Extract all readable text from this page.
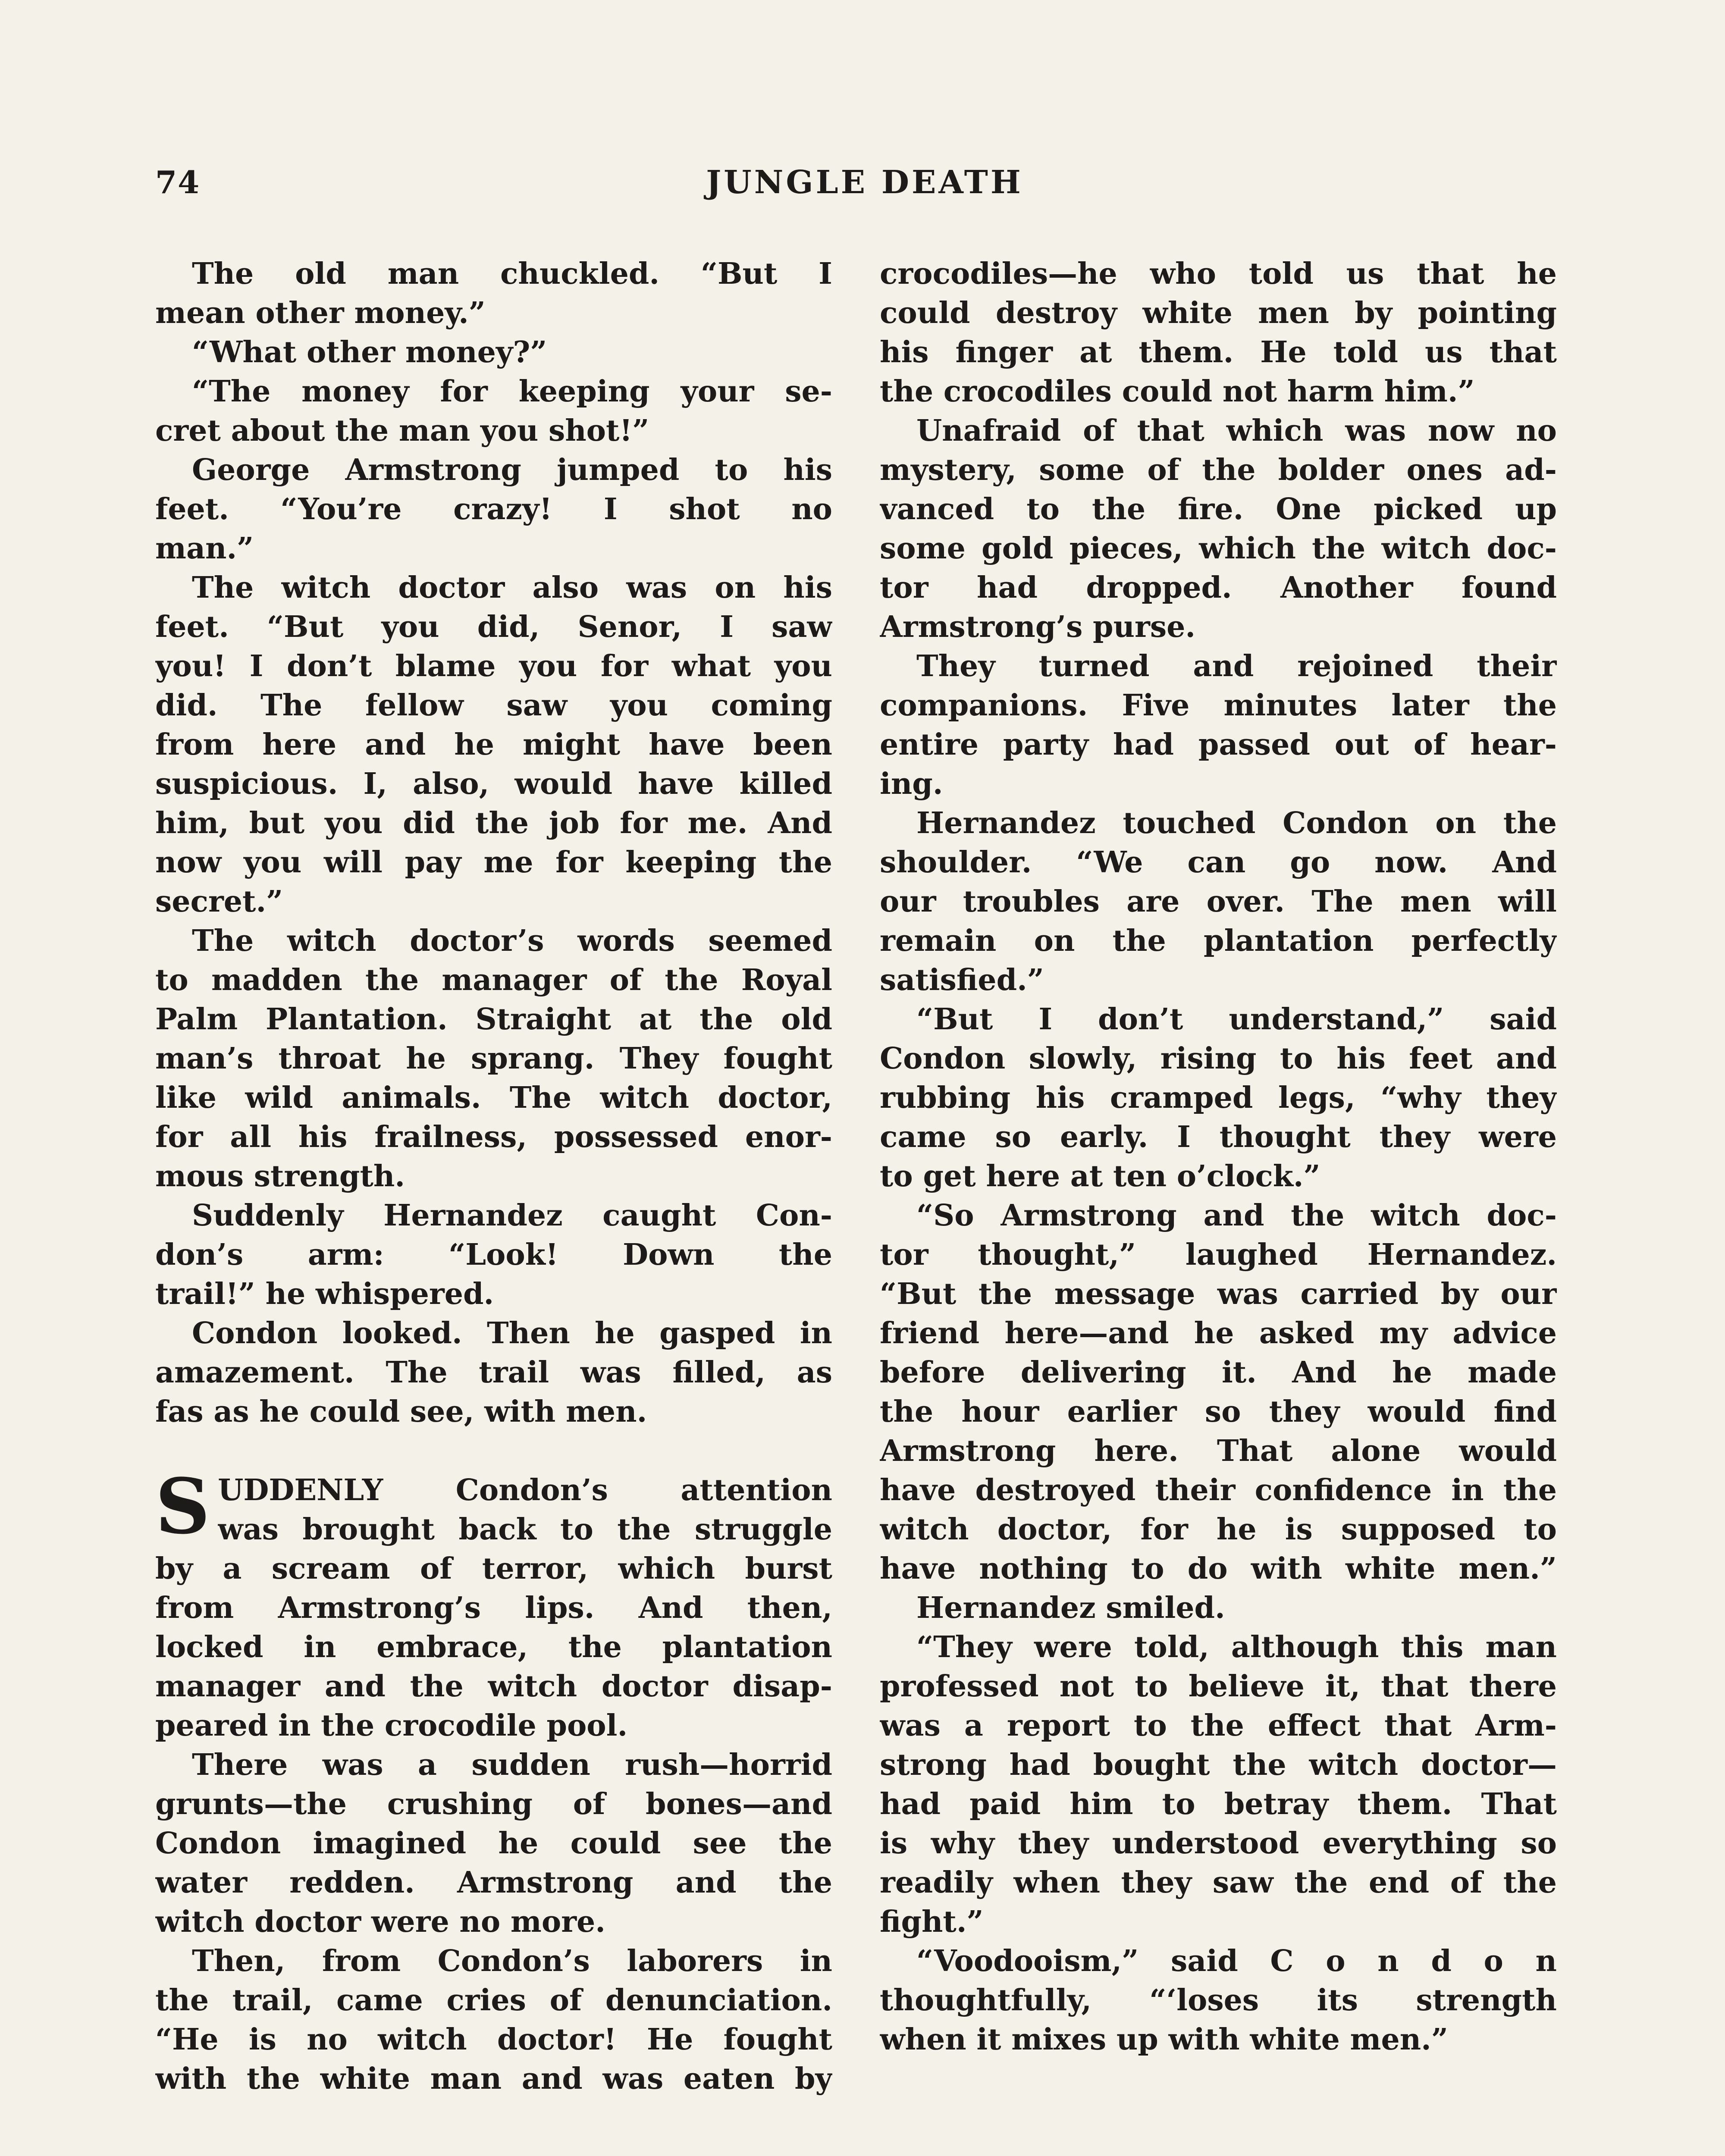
74	JUNGLE DEATH
The old man chuckled. “But I
mean other money.”
“What other money?”
“The money for keeping your se-
cret about the man you shot!”
George Armstrong jumped to his
feet. “You’re crazy! I shot no
man.”
The witch doctor also was on his
feet. “But you did, Senor, I saw
you! I don’t blame you for what you
did. The fellow saw you coming
from here and he might have been
suspicious. I, also, would have killed
him, but you did the job for me. And
now you will pay me for keeping the
secret.”
The witch doctor’s words seemed
to madden the manager of the Royal
Palm Plantation. Straight at the old
man’s throat he sprang. They fought
like wild animals. The witch doctor,
for all his frailness, possessed enor-
mous strength.
Suddenly Hernandez caught Con-
don’s arm: “Look! Down the
trail!” he whispered.
Condon looked. Then he gasped in
amazement. The trail was filled, as
fas as he could see, with men.
S UDDENLY Condon’s attention
was brought back to the struggle
by a scream of terror, which burst
from Armstrong’s lips. And then,
locked in embrace, the plantation
manager and the witch doctor disap-
peared in the crocodile pool.
There was a sudden rush—horrid
grunts—the crushing of bones—and
Condon imagined he could see the
water redden. Armstrong and the
witch doctor were no more.
Then, from Condon’s laborers in
the trail, came cries of denunciation.
“He is no witch doctor! He fought
with the white man and was eaten by
crocodiles—he who told us that he
could destroy white men by pointing
his finger at them. He told us that
the crocodiles could not harm him.”
Unafraid of that which was now no
mystery, some of the bolder ones ad-
vanced to the fire. One picked up
some gold pieces, which the witch doc-
tor had dropped. Another found
Armstrong’s purse.
They turned and rejoined their
companions. Five minutes later the
entire party had passed out of hear-
ing.
Hernandez touched Condon on the
shoulder. “We can go now. And
our troubles are over. The men will
remain on the plantation perfectly
satisfied.”
“But I don’t understand,” said
Condon slowly, rising to his feet and
rubbing his cramped legs, “why they
came so early. I thought they were
to get here at ten o’clock.”
“So Armstrong and the witch doc-
tor thought,” laughed Hernandez.
“But the message was carried by our
friend here—and he asked my advice
before delivering it. And he made
the hour earlier so they would find
Armstrong here. That alone would
have destroyed their confidence in the
witch doctor, for he is supposed to
have nothing to do with white men.”
Hernandez smiled.
“They were told, although this man
professed not to believe it, that there
was a report to the effect that Arm-
strong had bought the witch doctor—
had paid him to betray them. That
is why they understood everything so
readily when they saw the end of the
fight.”
“Voodooism,” said C o n d o n
thoughtfully, “‘loses its strength
when it mixes up with white men.”
